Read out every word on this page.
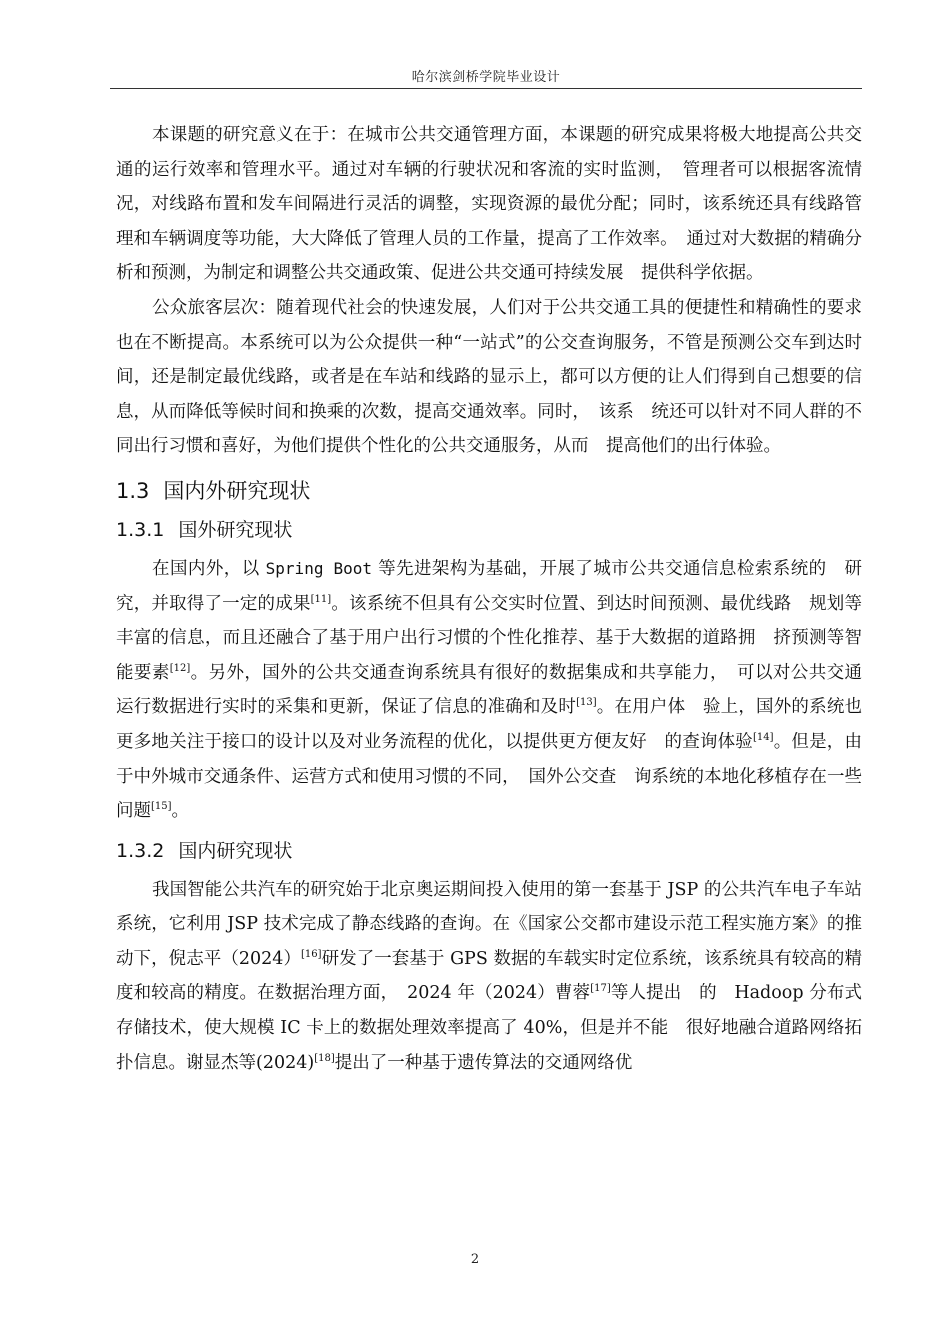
哈尔滨剑桥学院毕业设计

本课题的研究意义在于：在城市公共交通管理方面，本课题的研究成果将极大地提高公共交通的运行效率和管理水平。通过对车辆的行驶状况和客流的实时监测，　管理者可以根据客流情况，对线路布置和发车间隔进行灵活的调整，实现资源的最优分配；同时，该系统还具有线路管理和车辆调度等功能，大大降低了管理人员的工作量，提高了工作效率。　通过对大数据的精确分析和预测，为制定和调整公共交通政策、促进公共交通可持续发展　提供科学依据。

公众旅客层次：随着现代社会的快速发展，人们对于公共交通工具的便捷性和精确性的要求也在不断提高。本系统可以为公众提供一种“一站式”的公交查询服务，不管是预测公交车到达时间，还是制定最优线路，或者是在车站和线路的显示上，都可以方便的让人们得到自己想要的信息，从而降低等候时间和换乘的次数，提高交通效率。同时，　该系　统还可以针对不同人群的不同出行习惯和喜好，为他们提供个性化的公共交通服务，从而　提高他们的出行体验。

1.3 国内外研究现状
1.3.1 国外研究现状

在国内外，以 Spring Boot 等先进架构为基础，开展了城市公共交通信息检索系统的　研究，并取得了一定的成果[11]。该系统不但具有公交实时位置、到达时间预测、最优线路　规划等丰富的信息，而且还融合了基于用户出行习惯的个性化推荐、基于大数据的道路拥　挤预测等智能要素[12]。另外，国外的公共交通查询系统具有很好的数据集成和共享能力，　可以对公共交通运行数据进行实时的采集和更新，保证了信息的准确和及时[13]。在用户体　验上，国外的系统也更多地关注于接口的设计以及对业务流程的优化，以提供更方便友好　的查询体验[14]。但是，由于中外城市交通条件、运营方式和使用习惯的不同，　国外公交查　询系统的本地化移植存在一些问题[15]。

1.3.2 国内研究现状

我国智能公共汽车的研究始于北京奥运期间投入使用的第一套基于 JSP 的公共汽车电子车站系统，它利用 JSP 技术完成了静态线路的查询。在《国家公交都市建设示范工程实施方案》的推动下，倪志平（2024）[16]研发了一套基于 GPS 数据的车载实时定位系统，该系统具有较高的精度和较高的精度。在数据治理方面，　2024 年（2024）曹蓉[17]等人提出　的　Hadoop 分布式存储技术，使大规模 IC 卡上的数据处理效率提高了 40%，但是并不能　很好地融合道路网络拓扑信息。谢显杰等(2024)[18]提出了一种基于遗传算法的交通网络优

2
